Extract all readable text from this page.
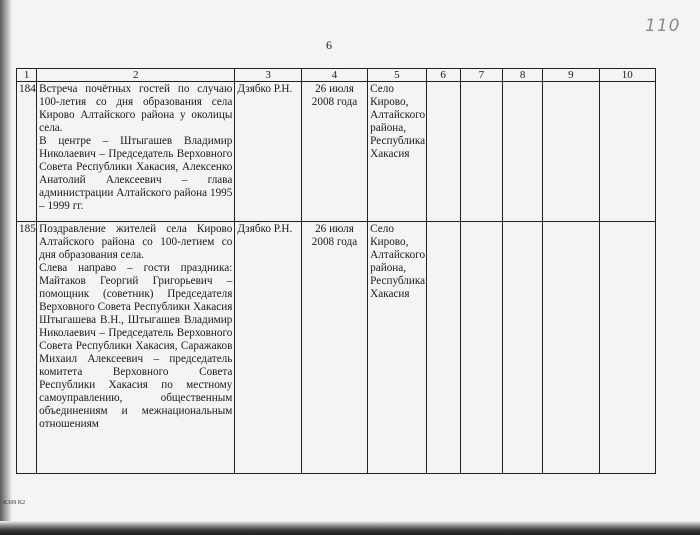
6
110
K309 K2
1	2	3	4	5	6	7	8	9	10
184	Встреча почётных гостей по случаю 100-летия со дня образования села Кирово Алтайского района у околицы села.

В центре – Штыгашев Владимир Николаевич – Председатель Верховного Совета Республики Хакасия, Алексенко Анатолий Алексеевич – глава администрации Алтайского района 1995 – 1999 гг.	Дзябко Р.Н.	26 июля 2008 года	Село Кирово, Алтайского района, Республика Хакасия					
185	Поздравление жителей села Кирово Алтайского района со 100-летием со дня образования села.

Слева направо – гости праздника: Майтаков Георгий Григорьевич – помощник (советник) Председателя Верховного Совета Республики Хакасия Штыгашева В.Н., Штыгашев Владимир Николаевич – Председатель Верховного Совета Республики Хакасия, Саражаков Михаил Алексеевич – председатель комитета Верховного Совета Республики Хакасия по местному самоуправлению, общественным объединениям и межнациональным отношениям	Дзябко Р.Н.	26 июля 2008 года	Село Кирово, Алтайского района, Республика Хакасия					
